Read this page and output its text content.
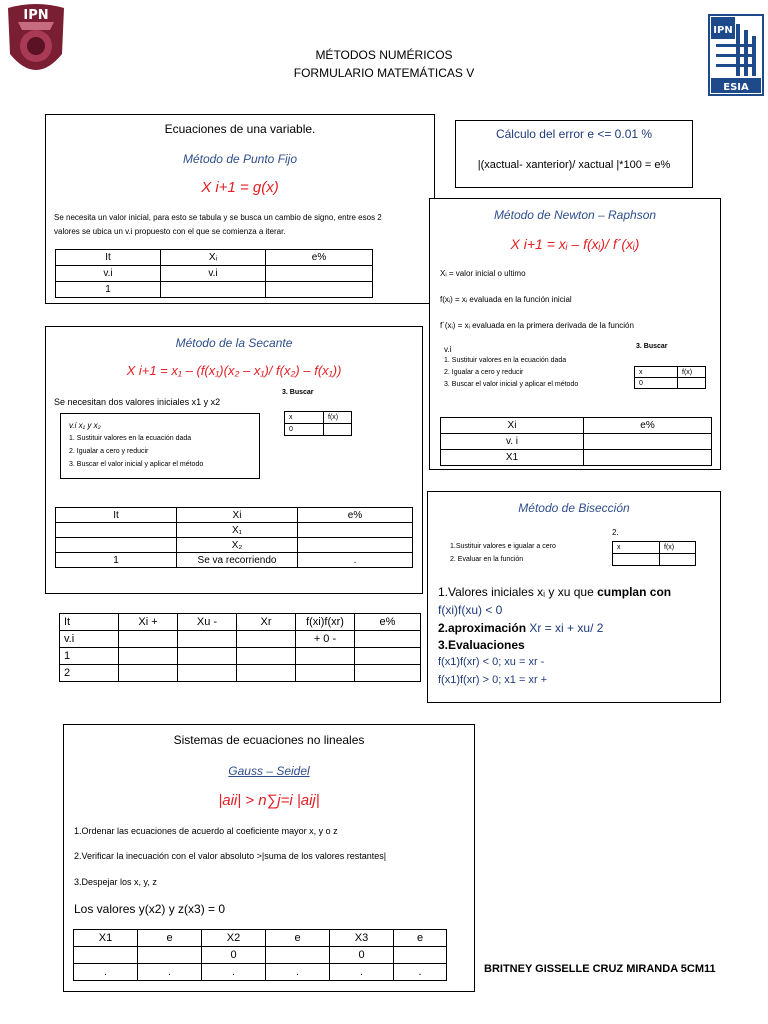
IPN
IPN
ESIA
MÉTODOS NUMÉRICOS
FORMULARIO MATEMÁTICAS V
Ecuaciones de una variable.
Método de Punto Fijo
X i+1 = g(x)
Se necesita un valor inicial, para esto se tabula y se busca un cambio de signo, entre esos 2
valores se ubica un v.i propuesto con el que se comienza a iterar.
It	Xᵢ	e%
v.i	v.i	
1		
Cálculo del error e <= 0.01 %
|(xactual- xanterior)/ xactual |*100 = e%
Método de Newton – Raphson
X i+1 = xᵢ – f(xᵢ)/ f´(xᵢ)
Xᵢ = valor inicial o ultimo
f(xᵢ) = xᵢ evaluada en la función inicial
f´(xᵢ) = xᵢ evaluada en la primera derivada de la función
v.i	3. Buscar
1. Sustituir valores en la ecuación dada
2. Igualar a cero y reducir
3. Buscar el valor inicial y aplicar el método
x	f(x)
0	
Xi	e%
v. i	
X1	
Método de la Secante
X i+1 = x₁ – (f(x₁)(x₂ – x₁)/ f(x₂) – f(x₁))
Se necesitan dos valores iniciales x1 y x2
3. Buscar
x	f(x)
0	
v.i x₁ y x₂
1. Sustituir valores en la ecuación dada
2. Igualar a cero y reducir
3. Buscar el valor inicial y aplicar el método
It	Xi	e%
	X₁	
	X₂	
1	Se va recorriendo	.
Método de Bisección
2.
1.Sustituir valores e igualar a cero
2. Evaluar en la función
x	f(x)

1.Valores iniciales xᵢ y xu que cumplan con
f(xi)f(xu) < 0
2.aproximación Xr = xi + xu/ 2
3.Evaluaciones
f(x1)f(xr) < 0; xu = xr -
f(x1)f(xr) > 0; x1 = xr +
It	Xi +	Xu -	Xr	f(xi)f(xr)	e%
v.i				+ 0 -	
1					
2					
Sistemas de ecuaciones no lineales
Gauss – Seidel
|aii| > n∑j=i |aij|
1.Ordenar las ecuaciones de acuerdo al coeficiente mayor x, y o z
2.Verificar la inecuación con el valor absoluto >|suma de los valores restantes|
3.Despejar los x, y, z
Los valores y(x2) y z(x3) = 0
X1	e	X2	e	X3	e
		0		0	
.	.	.	.	.	.	BRITNEY GISSELLE CRUZ MIRANDA 5CM11
